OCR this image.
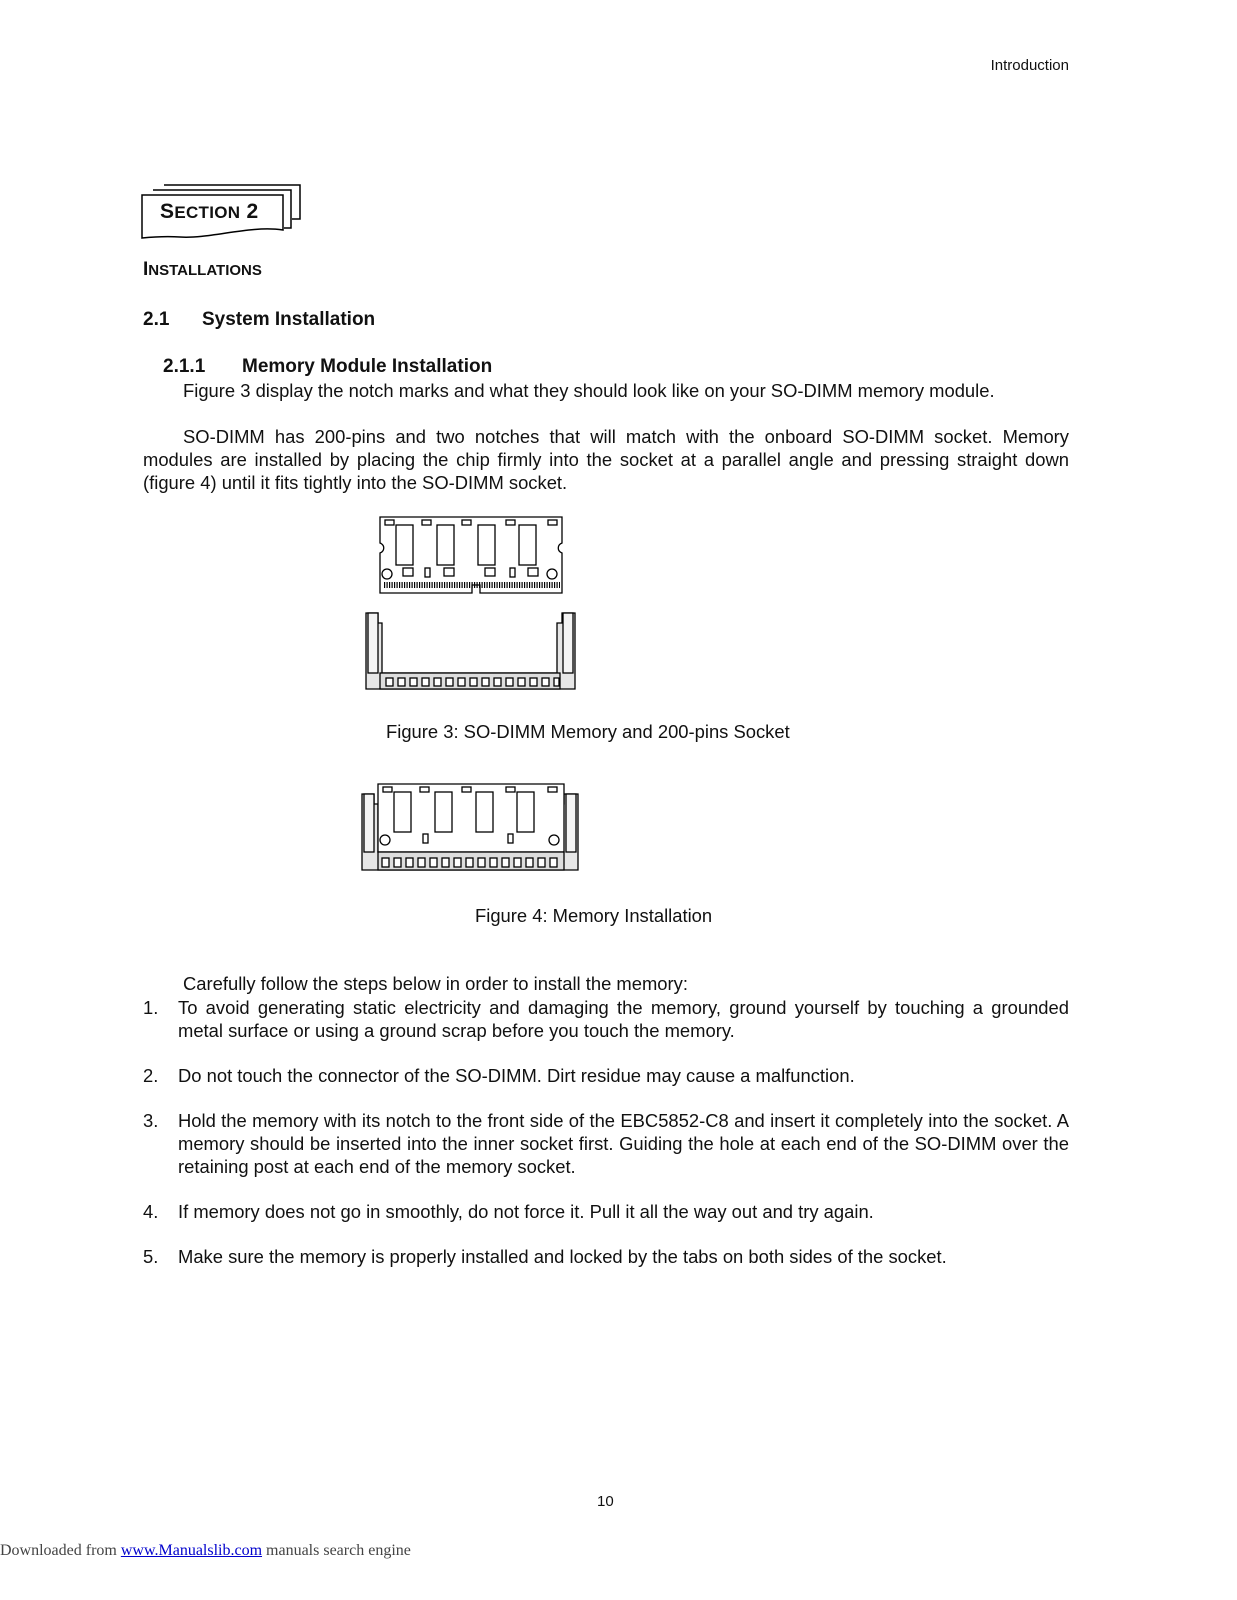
Introduction
SECTION 2
INSTALLATIONS
2.1 System Installation
2.1.1 Memory Module Installation
Figure 3 display the notch marks and what they should look like on your SO-DIMM memory module.
SO-DIMM has 200-pins and two notches that will match with the onboard SO-DIMM socket. Memory modules are installed by placing the chip firmly into the socket at a parallel angle and pressing straight down (figure 4) until it fits tightly into the SO-DIMM socket.
Figure 3: SO-DIMM Memory and 200-pins Socket
Figure 4: Memory Installation
Carefully follow the steps below in order to install the memory:
1. To avoid generating static electricity and damaging the memory, ground yourself by touching a grounded metal surface or using a ground scrap before you touch the memory.
2. Do not touch the connector of the SO-DIMM. Dirt residue may cause a malfunction.
3. Hold the memory with its notch to the front side of the EBC5852-C8 and insert it completely into the socket. A memory should be inserted into the inner socket first. Guiding the hole at each end of the SO-DIMM over the retaining post at each end of the memory socket.
4. If memory does not go in smoothly, do not force it. Pull it all the way out and try again.
5. Make sure the memory is properly installed and locked by the tabs on both sides of the socket.
10
Downloaded from www.Manualslib.com manuals search engine
